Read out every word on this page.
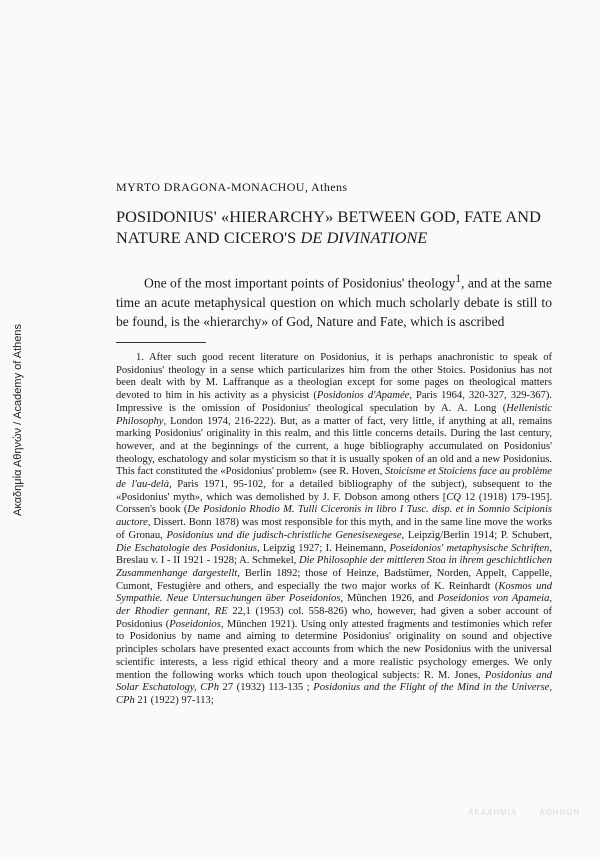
Ακαδημία Αθηνών / Academy of Athens
MYRTO DRAGONA-MONACHOU, Athens
POSIDONIUS' «HIERARCHY» BETWEEN GOD, FATE AND NATURE AND CICERO'S DE DIVINATIONE

One of the most important points of Posidonius' theology$^1$, and at the same time an acute metaphysical question on which much scholarly debate is still to be found, is the «hierarchy» of God, Nature and Fate, which is ascribed

1. After such good recent literature on Posidonius, it is perhaps anachronistic to speak of Posidonius' theology in a sense which particularizes him from the other Stoics. Posidonius has not been dealt with by M. Laffranque as a theologian except for some pages on theological matters devoted to him in his activity as a physicist (Posidonios d'Apamée, Paris 1964, 320-327, 329-367). Impressive is the omission of Posidonius' theological speculation by A. A. Long (Hellenistic Philosophy, London 1974, 216-222). But, as a matter of fact, very little, if anything at all, remains marking Posidonius' originality in this realm, and this little concerns details. During the last century, however, and at the beginnings of the current, a huge bibliography accumulated on Posidonius' theology, eschatology and solar mysticism so that it is usually spoken of an old and a new Posidonius. This fact constituted the «Posidonius' problem» (see R. Hoven, Stoicisme et Stoiciens face au problème de l'au-delà, Paris 1971, 95-102, for a detailed bibliography of the subject), subsequent to the «Posidonius' myth», which was demolished by J. F. Dobson among others [CQ 12 (1918) 179-195]. Corssen's book (De Posidonio Rhodio M. Tulli Ciceronis in libro I Tusc. disp. et in Somnio Scipionis auctore, Dissert. Bonn 1878) was most responsible for this myth, and in the same line move the works of Gronau, Posidonius und die judisch-christliche Genesisexegese, Leipzig/Berlin 1914; P. Schubert, Die Eschatologie des Posidonius, Leipzig 1927; I. Heinemann, Poseidonios' metaphysische Schriften, Breslau v. I - II 1921 - 1928; A. Schmekel, Die Philosophie der mittleren Stoa in ihrem geschichtlichen Zusammenhange dargestellt, Berlin 1892; those of Heinze, Badstümer, Norden, Appelt, Cappelle, Cumont, Festugière and others, and especially the two major works of K. Reinhardt (Kosmos und Sympathie. Neue Untersuchungen über Poseidonios, München 1926, and Poseidonios von Apameia, der Rhodier gennant, RE 22,1 (1953) col. 558-826) who, however, had given a sober account of Posidonius (Poseidonios, München 1921). Using only attested fragments and testimonies which refer to Posidonius by name and aiming to determine Posidonius' originality on sound and objective principles scholars have presented exact accounts from which the new Posidonius with the universal scientific interests, a less rigid ethical theory and a more realistic psychology emerges. We only mention the following works which touch upon theological subjects: R. M. Jones, Posidonius and Solar Eschatology, CPh 27 (1932) 113-135 ; Posidonius and the Flight of the Mind in the Universe, CPh 21 (1922) 97-113;

ΑΚΑΔΗΜΙΑ	ΑΘΗΝΩΝ
